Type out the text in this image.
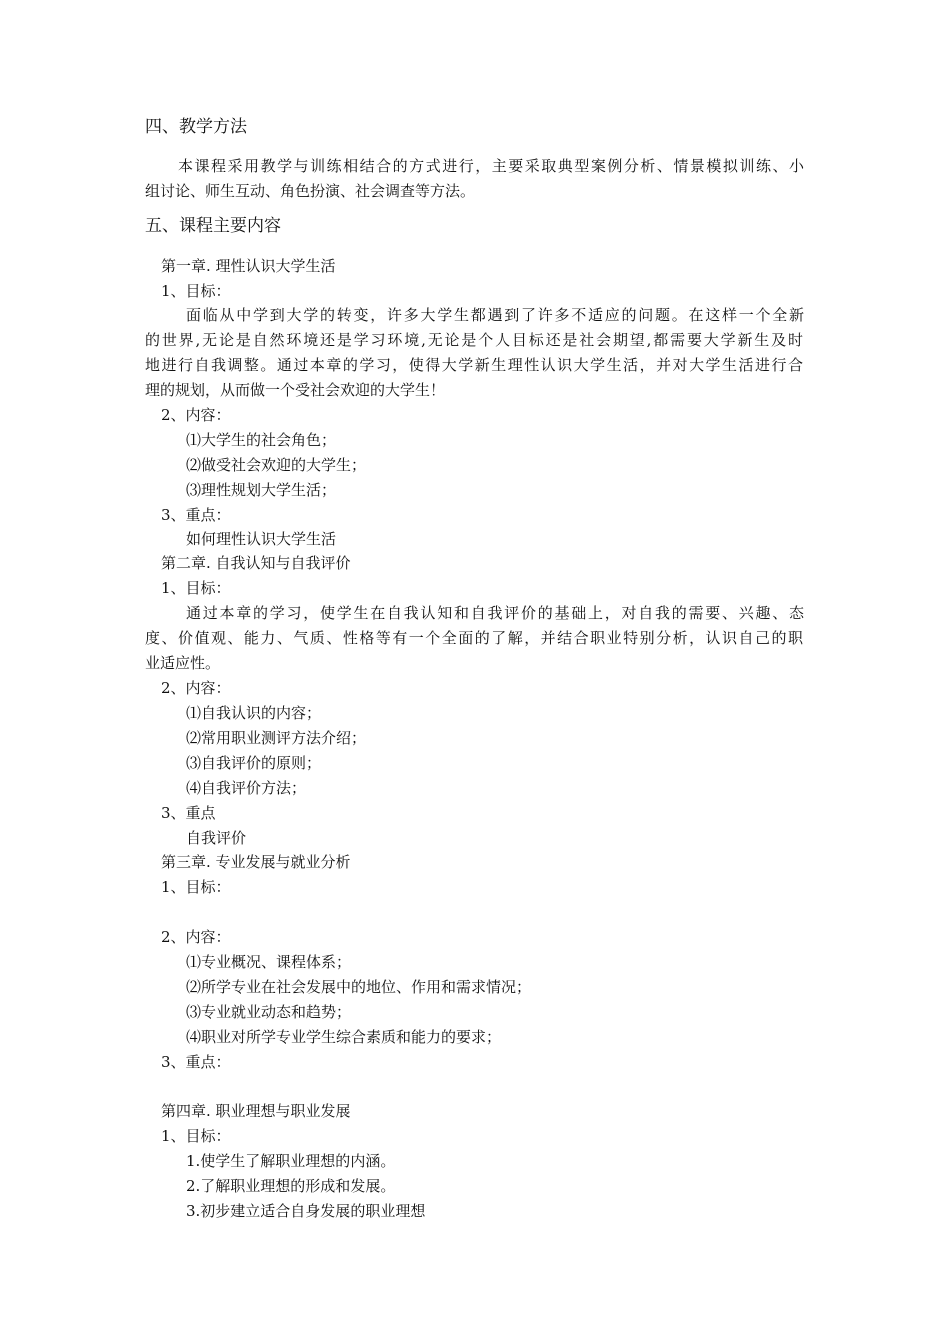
四、教学方法
本课程采用教学与训练相结合的方式进行，主要采取典型案例分析、情景模拟训练、小
组讨论、师生互动、角色扮演、社会调查等方法。
五、课程主要内容
第一章. 理性认识大学生活
1、目标：
面临从中学到大学的转变，许多大学生都遇到了许多不适应的问题。在这样一个全新
的世界,无论是自然环境还是学习环境,无论是个人目标还是社会期望,都需要大学新生及时
地进行自我调整。通过本章的学习，使得大学新生理性认识大学生活，并对大学生活进行合
理的规划，从而做一个受社会欢迎的大学生！
2、内容：
⑴大学生的社会角色；
⑵做受社会欢迎的大学生；
⑶理性规划大学生活；
3、重点：
如何理性认识大学生活
第二章. 自我认知与自我评价
1、目标：
通过本章的学习，使学生在自我认知和自我评价的基础上，对自我的需要、兴趣、态
度、价值观、能力、气质、性格等有一个全面的了解，并结合职业特别分析，认识自己的职
业适应性。
2、内容：
⑴自我认识的内容；
⑵常用职业测评方法介绍；
⑶自我评价的原则；
⑷自我评价方法；
3、重点
自我评价
第三章. 专业发展与就业分析
1、目标：
2、内容：
⑴专业概况、课程体系；
⑵所学专业在社会发展中的地位、作用和需求情况；
⑶专业就业动态和趋势；
⑷职业对所学专业学生综合素质和能力的要求；
3、重点：
第四章. 职业理想与职业发展
1、目标：
1.使学生了解职业理想的内涵。
2.了解职业理想的形成和发展。
3.初步建立适合自身发展的职业理想
